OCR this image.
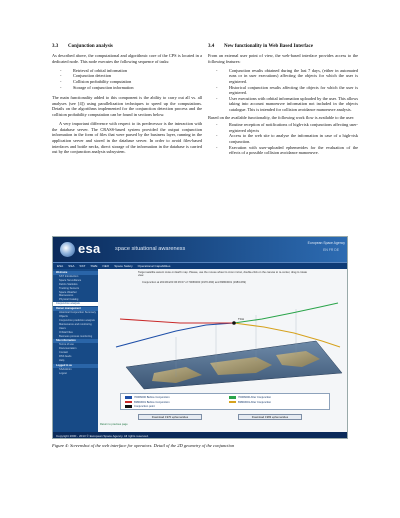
3.3 Conjunction analysis
As described above, the computational and algorithmic core of the CPS is located in a dedicated node. This node executes the following sequence of tasks:
- Retrieval of orbital information
- Conjunction detection
- Collision probability computation
- Storage of conjunction information
The main functionality added to this component is the ability to carry out all vs. all analyses (see [4]) using parallelization techniques to speed up the computations. Details on the algorithms implemented for the conjunction detection process and the collision probability computation can be found in sections below.
A very important difference with respect to its predecessor is the interaction with the database server. The CRASS-based system provided the output conjunction information in the form of files that were parsed by the business layer, running in the application server and stored in the database server. In order to avoid files-based interfaces and bottle necks, direct storage of the information in the database is carried out by the conjunction analysis subsystem.
3.4 New functionality in Web Based Interface
From an external user point of view, the web-based interface provides access to the following features:
- Conjunction results obtained during the last 7 days, (either in automated runs or in user executions) affecting the objects for which the user is registered.
- Historical conjunction results affecting the objects for which the user is registered.
- User executions with orbital information uploaded by the user. This allows taking into account manoeuvre information not included in the objects catalogue. This is intended for collision avoidance manoeuvre analysis.
Based on the available functionality, the following work flow is available to the user:
- Routine reception of notifications of high-risk conjunctions affecting user-registered objects
- Access to the web site to analyse the information in case of a high-risk conjunction.
- Execution with user-uploaded ephemerides for the evaluation of the effects of a possible collision avoidance manoeuvre.
esa	space situational awareness
European Space Agency
EN FR DE
ESA SSA SST SWE NEO Space Safety Operational Capabilities
Welcome
SST Introduction
Space Surveillance
Debris Statistics
Tracking Sensors
Space Weather
Manoeuvres
Physical Catalog
Conjunction analysis
Owner management
Historical Conjunction Summary
Objects
Conjunction prediction analysis
Maintenance and monitoring
Users
Orbital Files
Business process monitoring
Site information
Terms of use
Documentation
Contact
RSS feeds
Help
Logged in as
SSAAdmin
Logout
Target satellite ascent route on Earth map. Please, use the mouse wheel to zoom in/out, double-click on the canvas to re-center, drag to rotate view.
Conjunction at 2013/04/23 06:45:07 of 70066000 (1970-090) and 83803001 (1983-069)
TCA
70066000 Before Conjunction	70066000 After Conjunction
83803001 Before Conjunction	83803001 After Conjunction
Conjunction point
Download 1970 ephemerides	Download 1983 ephemerides
Return to previous page
Copyright 2000 - 2013 © European Space Agency. All rights reserved.
Figure 4: Screenshot of the web interface for operators. Detail of the 2D geometry of the conjunction
